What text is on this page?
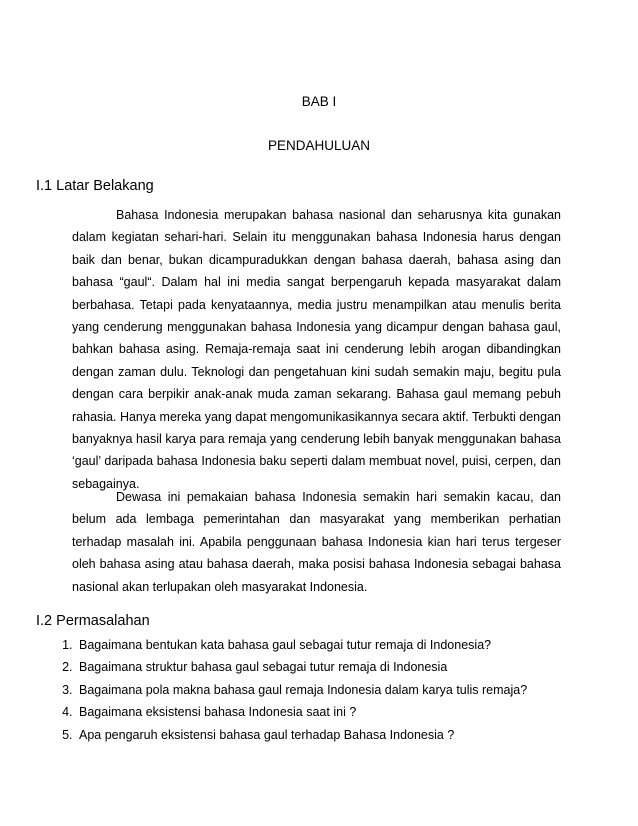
BAB I
PENDAHULUAN
I.1 Latar Belakang

Bahasa Indonesia merupakan bahasa nasional dan seharusnya kita gunakan dalam kegiatan sehari-hari. Selain itu menggunakan bahasa Indonesia harus dengan baik dan benar, bukan dicampuradukkan dengan bahasa daerah, bahasa asing dan bahasa “gaul“. Dalam hal ini media sangat berpengaruh kepada masyarakat dalam berbahasa. Tetapi pada kenyataannya, media justru menampilkan atau menulis berita yang cenderung menggunakan bahasa Indonesia yang dicampur dengan bahasa gaul, bahkan bahasa asing. Remaja-remaja saat ini cenderung lebih arogan dibandingkan dengan zaman dulu. Teknologi dan pengetahuan kini sudah semakin maju, begitu pula dengan cara berpikir anak-anak muda zaman sekarang. Bahasa gaul memang pebuh rahasia. Hanya mereka yang dapat mengomunikasikannya secara aktif. Terbukti dengan banyaknya hasil karya para remaja yang cenderung lebih banyak menggunakan bahasa ‘gaul’ daripada bahasa Indonesia baku seperti dalam membuat novel, puisi, cerpen, dan sebagainya.

Dewasa ini pemakaian bahasa Indonesia semakin hari semakin kacau, dan belum ada lembaga pemerintahan dan masyarakat yang memberikan perhatian terhadap masalah ini. Apabila penggunaan bahasa Indonesia kian hari terus tergeser oleh bahasa asing atau bahasa daerah, maka posisi bahasa Indonesia sebagai bahasa nasional akan terlupakan oleh masyarakat Indonesia.

I.2 Permasalahan
1. Bagaimana bentukan kata bahasa gaul sebagai tutur remaja di Indonesia?
2. Bagaimana struktur bahasa gaul sebagai tutur remaja di Indonesia
3. Bagaimana pola makna bahasa gaul remaja Indonesia dalam karya tulis remaja?
4. Bagaimana eksistensi bahasa Indonesia saat ini ?
5. Apa pengaruh eksistensi bahasa gaul terhadap Bahasa Indonesia ?
